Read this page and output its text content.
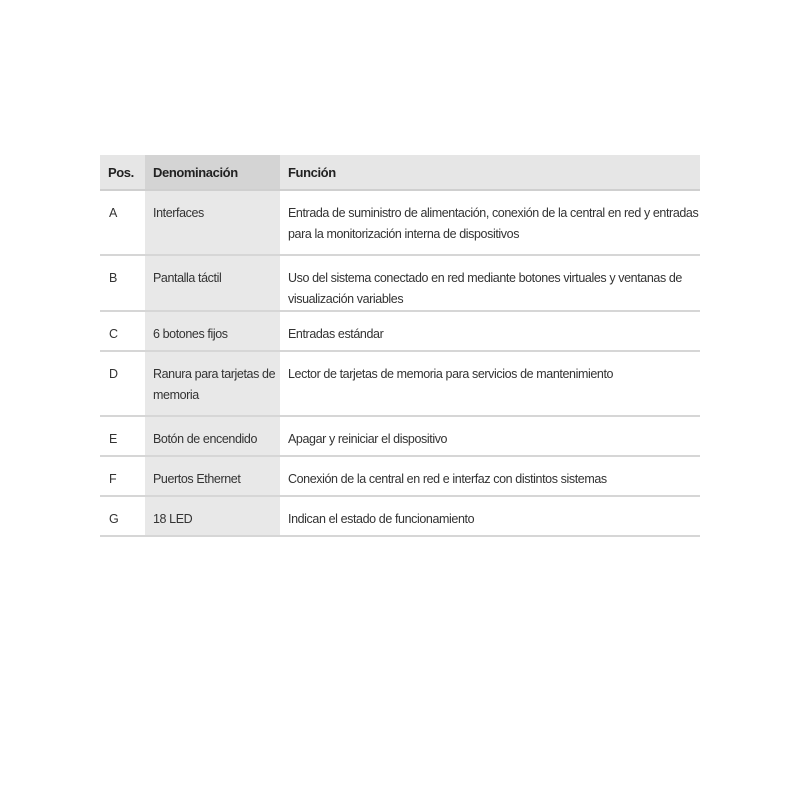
Pos.	Denominación	Función
A	Interfaces	Entrada de suministro de alimentación, conexión de la central en red y entradas para la monitorización interna de dispositivos
B	Pantalla táctil	Uso del sistema conectado en red mediante botones virtuales y ventanas de visualización variables
C	6 botones fijos	Entradas estándar
D	Ranura para tarjetas de memoria	Lector de tarjetas de memoria para servicios de mantenimiento
E	Botón de encendido	Apagar y reiniciar el dispositivo
F	Puertos Ethernet	Conexión de la central en red e interfaz con distintos sistemas
G	18 LED	Indican el estado de funcionamiento
